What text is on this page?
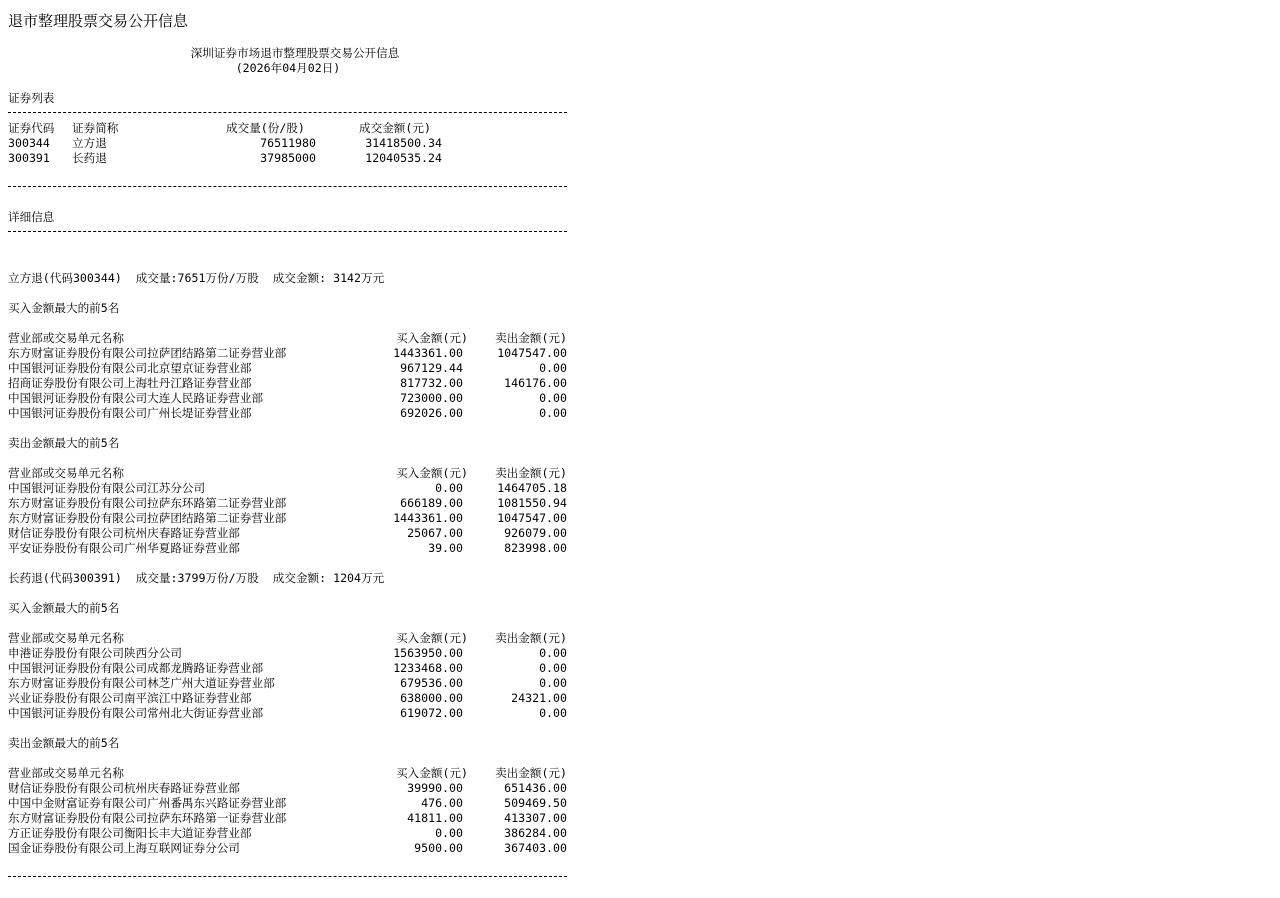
退市整理股票交易公开信息
深圳证券市场退市整理股票交易公开信息
(2026年04月02日)
证券列表
证券代码 证券简称	成交量(份/股)	成交金额(元)
300344 立方退	76511980	31418500.34
300391 长药退	37985000	12040535.24
详细信息
立方退(代码300344)  成交量:7651万份/万股  成交金额: 3142万元
买入金额最大的前5名
营业部或交易单元名称	买入金额(元) 卖出金额(元)
东方财富证券股份有限公司拉萨团结路第二证券营业部	1443361.00	1047547.00
中国银河证券股份有限公司北京望京证券营业部	967129.44	0.00
招商证券股份有限公司上海牡丹江路证券营业部	817732.00	146176.00
中国银河证券股份有限公司大连人民路证券营业部	723000.00	0.00
中国银河证券股份有限公司广州长堤证券营业部	692026.00	0.00
卖出金额最大的前5名
营业部或交易单元名称	买入金额(元) 卖出金额(元)
中国银河证券股份有限公司江苏分公司	0.00	1464705.18
东方财富证券股份有限公司拉萨东环路第二证券营业部	666189.00	1081550.94
东方财富证券股份有限公司拉萨团结路第二证券营业部	1443361.00	1047547.00
财信证券股份有限公司杭州庆春路证券营业部	25067.00	926079.00
平安证券股份有限公司广州华夏路证券营业部	39.00	823998.00
长药退(代码300391)  成交量:3799万份/万股  成交金额: 1204万元
买入金额最大的前5名
营业部或交易单元名称	买入金额(元) 卖出金额(元)
申港证券股份有限公司陕西分公司	1563950.00	0.00
中国银河证券股份有限公司成都龙腾路证券营业部	1233468.00	0.00
东方财富证券股份有限公司林芝广州大道证券营业部	679536.00	0.00
兴业证券股份有限公司南平滨江中路证券营业部	638000.00	24321.00
中国银河证券股份有限公司常州北大街证券营业部	619072.00	0.00
卖出金额最大的前5名
营业部或交易单元名称	买入金额(元) 卖出金额(元)
财信证券股份有限公司杭州庆春路证券营业部	39990.00	651436.00
中国中金财富证券有限公司广州番禺东兴路证券营业部	476.00	509469.50
东方财富证券股份有限公司拉萨东环路第一证券营业部	41811.00	413307.00
方正证券股份有限公司衡阳长丰大道证券营业部	0.00	386284.00
国金证券股份有限公司上海互联网证券分公司	9500.00	367403.00
